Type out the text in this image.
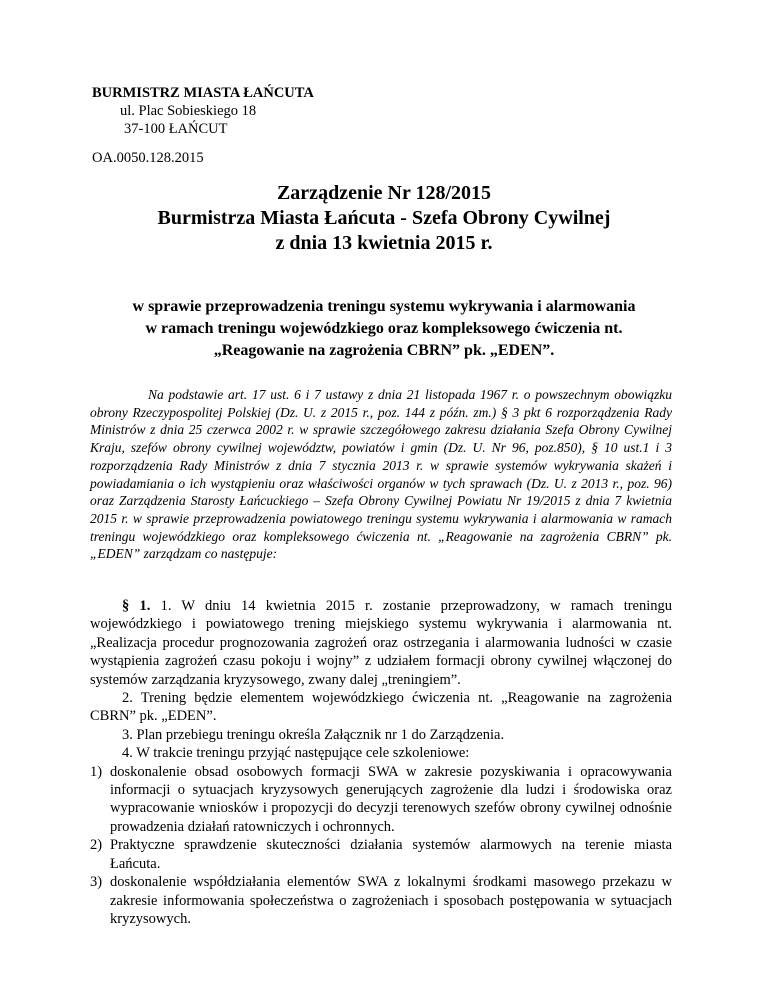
BURMISTRZ MIASTA ŁAŃCUTA
ul. Plac Sobieskiego 18
37-100 ŁAŃCUT
OA.0050.128.2015
Zarządzenie Nr 128/2015
Burmistrza Miasta Łańcuta - Szefa Obrony Cywilnej
z dnia 13 kwietnia 2015 r.
w sprawie przeprowadzenia treningu systemu wykrywania i alarmowania
w ramach treningu wojewódzkiego oraz kompleksowego ćwiczenia nt.
„Reagowanie na zagrożenia CBRN” pk. „EDEN”.

Na podstawie art. 17 ust. 6 i 7 ustawy z dnia 21 listopada 1967 r. o powszechnym obowiązku obrony Rzeczypospolitej Polskiej (Dz. U. z 2015 r., poz. 144 z późn. zm.) § 3 pkt 6 rozporządzenia Rady Ministrów z dnia 25 czerwca 2002 r. w sprawie szczegółowego zakresu działania Szefa Obrony Cywilnej Kraju, szefów obrony cywilnej województw, powiatów i gmin (Dz. U. Nr 96, poz.850), § 10 ust.1 i 3 rozporządzenia Rady Ministrów z dnia 7 stycznia 2013 r. w sprawie systemów wykrywania skażeń i powiadamiania o ich wystąpieniu oraz właściwości organów w tych sprawach (Dz. U. z 2013 r., poz. 96) oraz Zarządzenia Starosty Łańcuckiego – Szefa Obrony Cywilnej Powiatu Nr 19/2015 z dnia 7 kwietnia 2015 r. w sprawie przeprowadzenia powiatowego treningu systemu wykrywania i alarmowania w ramach treningu wojewódzkiego oraz kompleksowego ćwiczenia nt. „Reagowanie na zagrożenia CBRN” pk. „EDEN” zarządzam co następuje:

§ 1. 1. W dniu 14 kwietnia 2015 r. zostanie przeprowadzony, w ramach treningu wojewódzkiego i powiatowego trening miejskiego systemu wykrywania i alarmowania nt. „Realizacja procedur prognozowania zagrożeń oraz ostrzegania i alarmowania ludności w czasie wystąpienia zagrożeń czasu pokoju i wojny” z udziałem formacji obrony cywilnej włączonej do systemów zarządzania kryzysowego, zwany dalej „treningiem”.

2. Trening będzie elementem wojewódzkiego ćwiczenia nt. „Reagowanie na zagrożenia CBRN” pk. „EDEN”.

3. Plan przebiegu treningu określa Załącznik nr 1 do Zarządzenia.

4. W trakcie treningu przyjąć następujące cele szkoleniowe:

1) doskonalenie obsad osobowych formacji SWA w zakresie pozyskiwania i opracowywania informacji o sytuacjach kryzysowych generujących zagrożenie dla ludzi i środowiska oraz wypracowanie wniosków i propozycji do decyzji terenowych szefów obrony cywilnej odnośnie prowadzenia działań ratowniczych i ochronnych.
2) Praktyczne sprawdzenie skuteczności działania systemów alarmowych na terenie miasta Łańcuta.
3) doskonalenie współdziałania elementów SWA z lokalnymi środkami masowego przekazu w zakresie informowania społeczeństwa o zagrożeniach i sposobach postępowania w sytuacjach kryzysowych.
